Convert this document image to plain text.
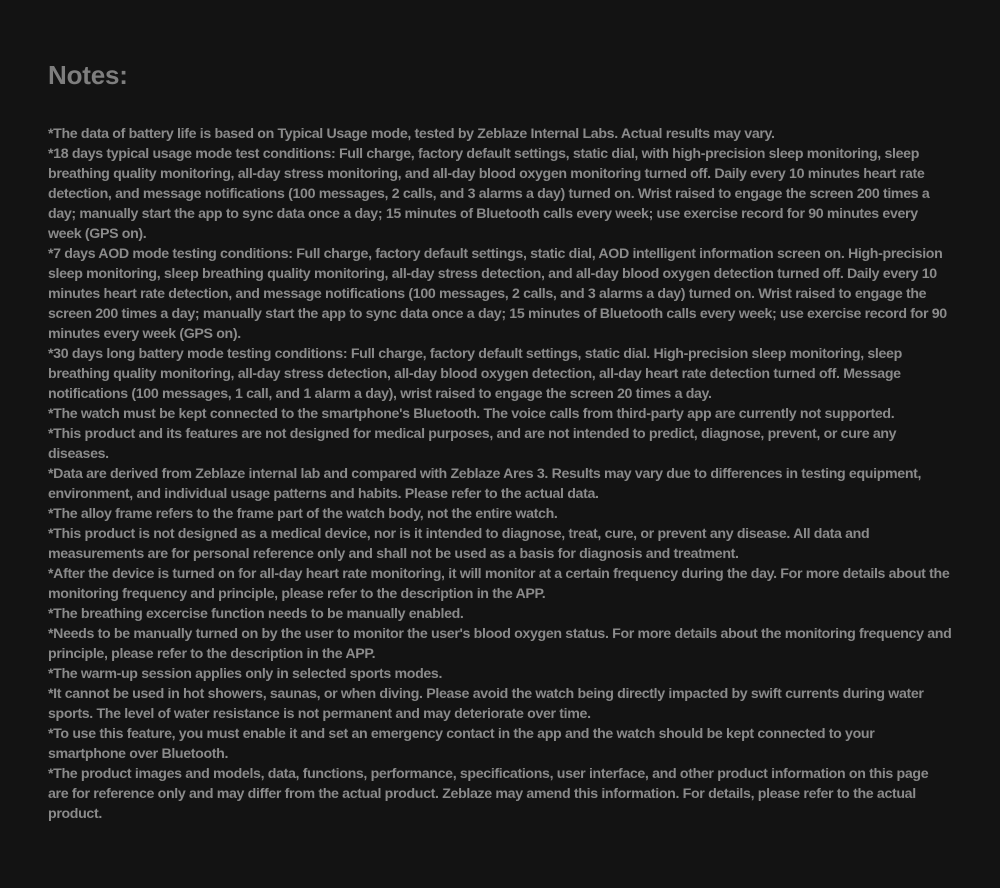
Notes:
*The data of battery life is based on Typical Usage mode, tested by Zeblaze Internal Labs. Actual results may vary.
*18 days typical usage mode test conditions: Full charge, factory default settings, static dial, with high-precision sleep monitoring, sleep breathing quality monitoring, all-day stress monitoring, and all-day blood oxygen monitoring turned off. Daily every 10 minutes heart rate detection, and message notifications (100 messages, 2 calls, and 3 alarms a day) turned on. Wrist raised to engage the screen 200 times a day; manually start the app to sync data once a day; 15 minutes of Bluetooth calls every week; use exercise record for 90 minutes every week (GPS on).
*7 days AOD mode testing conditions: Full charge, factory default settings, static dial, AOD intelligent information screen on. High-precision sleep monitoring, sleep breathing quality monitoring, all-day stress detection, and all-day blood oxygen detection turned off. Daily every 10 minutes heart rate detection, and message notifications (100 messages, 2 calls, and 3 alarms a day) turned on. Wrist raised to engage the screen 200 times a day; manually start the app to sync data once a day; 15 minutes of Bluetooth calls every week; use exercise record for 90 minutes every week (GPS on).
*30 days long battery mode testing conditions: Full charge, factory default settings, static dial. High-precision sleep monitoring, sleep breathing quality monitoring, all-day stress detection, all-day blood oxygen detection, all-day heart rate detection turned off. Message notifications (100 messages, 1 call, and 1 alarm a day), wrist raised to engage the screen 20 times a day.
*The watch must be kept connected to the smartphone's Bluetooth. The voice calls from third-party app are currently not supported.
*This product and its features are not designed for medical purposes, and are not intended to predict, diagnose, prevent, or cure any diseases.
*Data are derived from Zeblaze internal lab and compared with Zeblaze Ares 3. Results may vary due to differences in testing equipment, environment, and individual usage patterns and habits. Please refer to the actual data.
*The alloy frame refers to the frame part of the watch body, not the entire watch.
*This product is not designed as a medical device, nor is it intended to diagnose, treat, cure, or prevent any disease. All data and measurements are for personal reference only and shall not be used as a basis for diagnosis and treatment.
*After the device is turned on for all-day heart rate monitoring, it will monitor at a certain frequency during the day. For more details about the monitoring frequency and principle, please refer to the description in the APP.
*The breathing excercise function needs to be manually enabled.
*Needs to be manually turned on by the user to monitor the user's blood oxygen status. For more details about the monitoring frequency and principle, please refer to the description in the APP.
*The warm-up session applies only in selected sports modes.
*It cannot be used in hot showers, saunas, or when diving. Please avoid the watch being directly impacted by swift currents during water sports. The level of water resistance is not permanent and may deteriorate over time.
*To use this feature, you must enable it and set an emergency contact in the app and the watch should be kept connected to your smartphone over Bluetooth.
*The product images and models, data, functions, performance, specifications, user interface, and other product information on this page are for reference only and may differ from the actual product. Zeblaze may amend this information. For details, please refer to the actual product.
